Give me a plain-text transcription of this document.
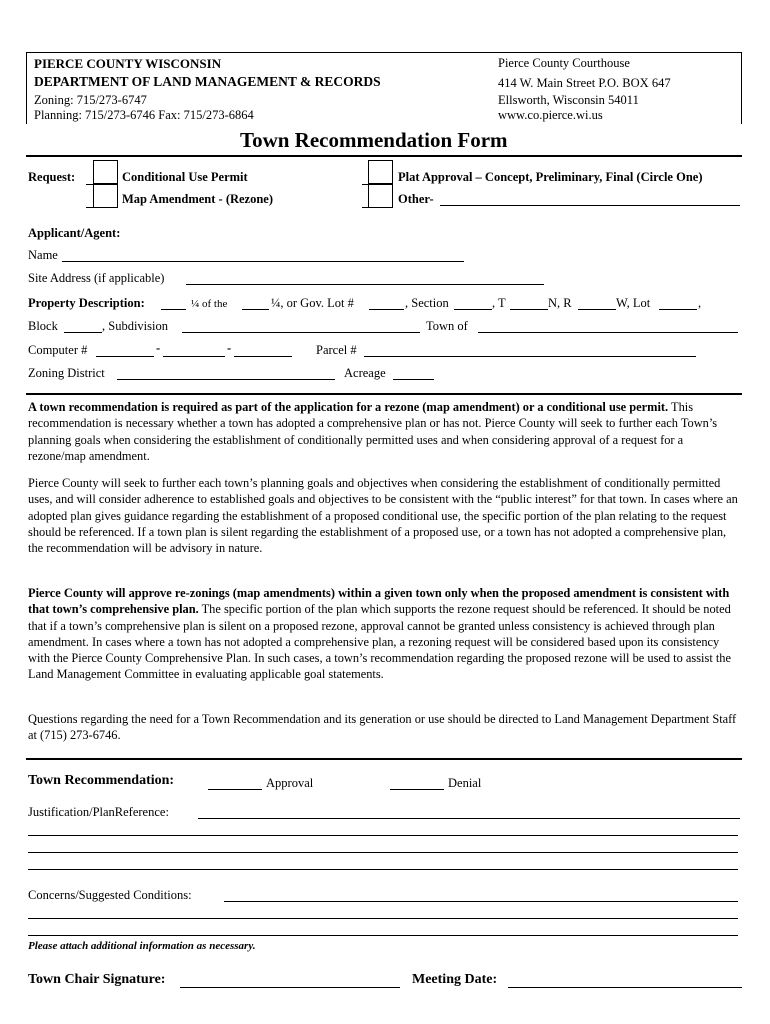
PIERCE COUNTY WISCONSIN
DEPARTMENT OF LAND MANAGEMENT & RECORDS
Zoning: 715/273-6747
Planning: 715/273-6746 Fax: 715/273-6864
Pierce County Courthouse
414 W. Main Street P.O. BOX 647
Ellsworth, Wisconsin 54011
www.co.pierce.wi.us
Town Recommendation Form
Request:	Conditional Use Permit
Map Amendment - (Rezone)
Plat Approval – Concept, Preliminary, Final (Circle One)
Other-
Applicant/Agent:
Name
Site Address (if applicable)
Property Description:	¼ of the	¼, or Gov. Lot #	, Section	, T	N, R	W, Lot	,
Block	, Subdivision	Town of
Computer #	-	-	Parcel #
Zoning District	Acreage
A town recommendation is required as part of the application for a rezone (map amendment) or a conditional use permit. This recommendation is necessary whether a town has adopted a comprehensive plan or has not. Pierce County will seek to further each Town’s planning goals when considering the establishment of conditionally permitted uses and when considering approval of a request for a rezone/map amendment.
Pierce County will seek to further each town’s planning goals and objectives when considering the establishment of conditionally permitted uses, and will consider adherence to established goals and objectives to be consistent with the “public interest” for that town. In cases where an adopted plan gives guidance regarding the establishment of a proposed conditional use, the specific portion of the plan relating to the request should be referenced. If a town plan is silent regarding the establishment of a proposed use, or a town has not adopted a comprehensive plan, the recommendation will be advisory in nature.
Pierce County will approve re-zonings (map amendments) within a given town only when the proposed amendment is consistent with that town’s comprehensive plan. The specific portion of the plan which supports the rezone request should be referenced. It should be noted that if a town’s comprehensive plan is silent on a proposed rezone, approval cannot be granted unless consistency is achieved through plan amendment. In cases where a town has not adopted a comprehensive plan, a rezoning request will be considered based upon its consistency with the Pierce County Comprehensive Plan. In such cases, a town’s recommendation regarding the proposed rezone will be used to assist the Land Management Committee in evaluating applicable goal statements.
Questions regarding the need for a Town Recommendation and its generation or use should be directed to Land Management Department Staff at (715) 273-6746.
Town Recommendation:	Approval	Denial
Justification/PlanReference:
Concerns/Suggested Conditions:
Please attach additional information as necessary.
Town Chair Signature:	Meeting Date:
